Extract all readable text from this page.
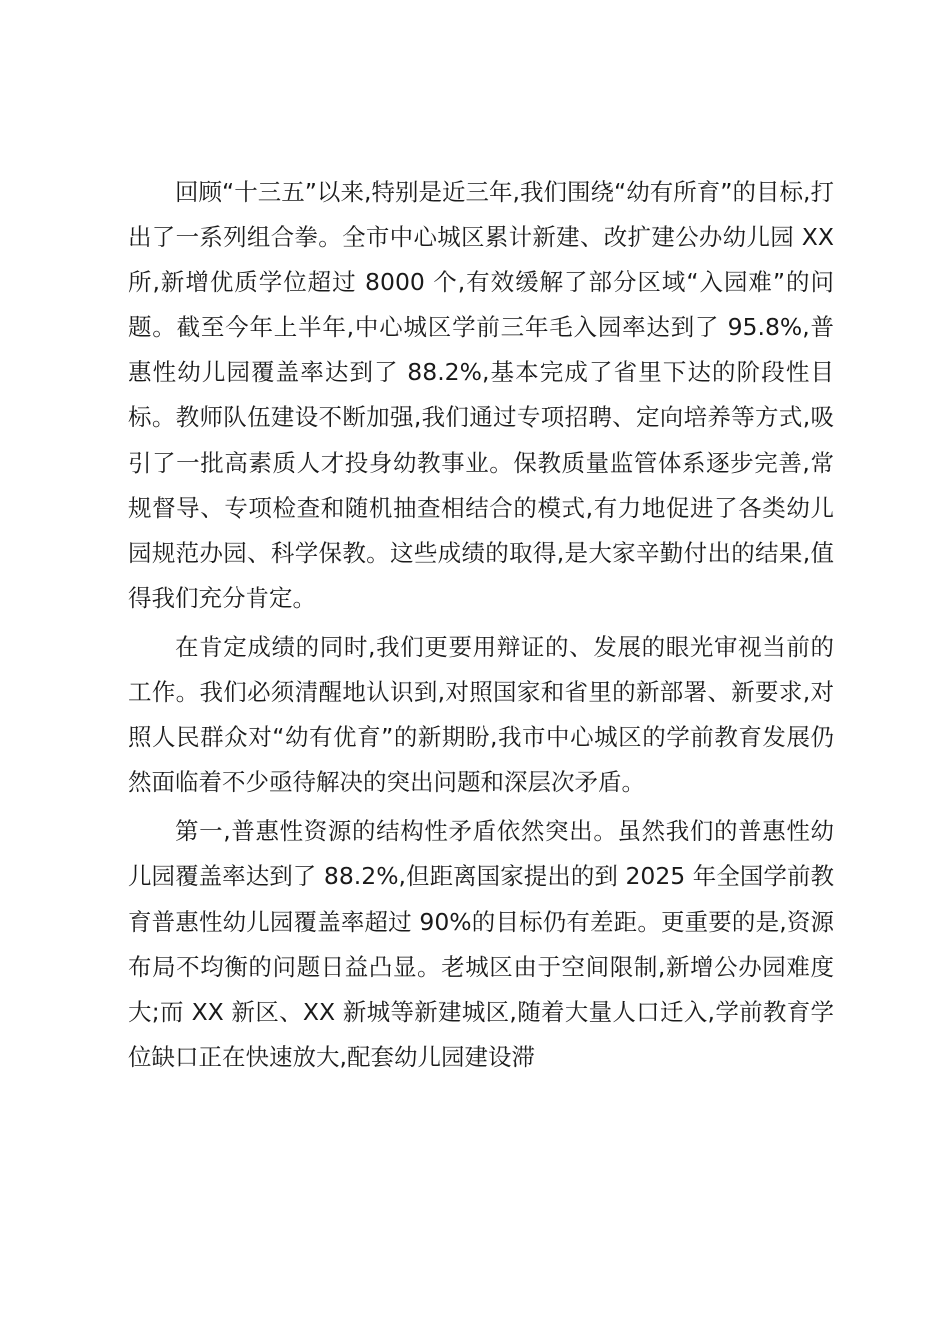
回顾“十三五”以来,特别是近三年,我们围绕“幼有所育”的目标,打出了一系列组合拳。全市中心城区累计新建、改扩建公办幼儿园 XX 所,新增优质学位超过 8000 个,有效缓解了部分区域“入园难”的问题。截至今年上半年,中心城区学前三年毛入园率达到了 95.8%,普惠性幼儿园覆盖率达到了 88.2%,基本完成了省里下达的阶段性目标。教师队伍建设不断加强,我们通过专项招聘、定向培养等方式,吸引了一批高素质人才投身幼教事业。保教质量监管体系逐步完善,常规督导、专项检查和随机抽查相结合的模式,有力地促进了各类幼儿园规范办园、科学保教。这些成绩的取得,是大家辛勤付出的结果,值得我们充分肯定。

在肯定成绩的同时,我们更要用辩证的、发展的眼光审视当前的工作。我们必须清醒地认识到,对照国家和省里的新部署、新要求,对照人民群众对“幼有优育”的新期盼,我市中心城区的学前教育发展仍然面临着不少亟待解决的突出问题和深层次矛盾。

第一,普惠性资源的结构性矛盾依然突出。虽然我们的普惠性幼儿园覆盖率达到了 88.2%,但距离国家提出的到 2025 年全国学前教育普惠性幼儿园覆盖率超过 90%的目标仍有差距。更重要的是,资源布局不均衡的问题日益凸显。老城区由于空间限制,新增公办园难度大;而 XX 新区、XX 新城等新建城区,随着大量人口迁入,学前教育学位缺口正在快速放大,配套幼儿园建设滞
